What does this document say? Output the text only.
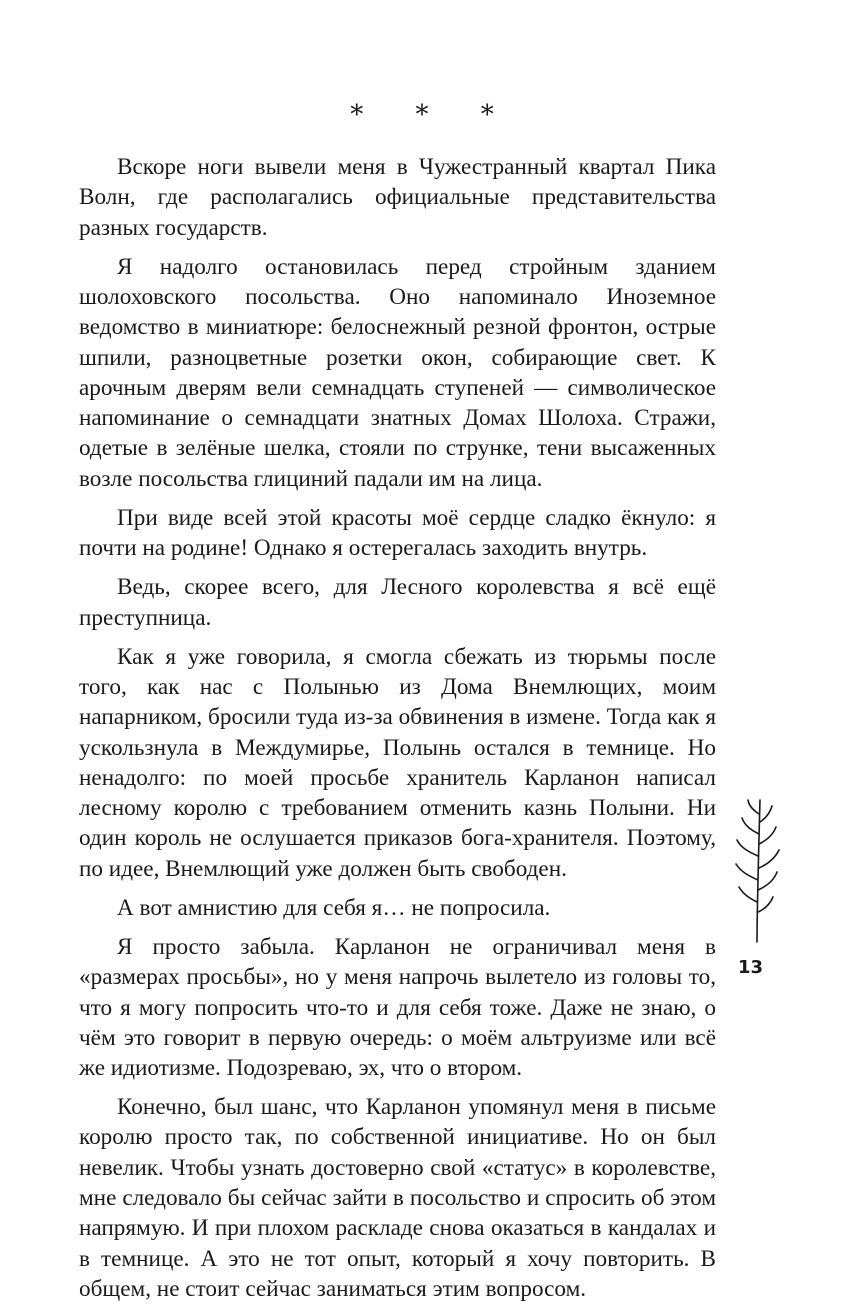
* * *

Вскоре ноги вывели меня в Чужестранный квартал Пика Волн, где располагались официальные представительства разных государств.

Я надолго остановилась перед стройным зданием шолоховского посольства. Оно напоминало Иноземное ведомство в миниатюре: белоснежный резной фронтон, острые шпили, разноцветные розетки окон, собирающие свет. К арочным дверям вели семнадцать ступеней — символическое напоминание о семнадцати знатных Домах Шолоха. Стражи, одетые в зелёные шелка, стояли по струнке, тени высаженных возле посольства глициний падали им на лица.

При виде всей этой красоты моё сердце сладко ёкнуло: я почти на родине! Однако я остерегалась заходить внутрь.

Ведь, скорее всего, для Лесного королевства я всё ещё преступница.

Как я уже говорила, я смогла сбежать из тюрьмы после того, как нас с Полынью из Дома Внемлющих, моим напарником, бросили туда из-за обвинения в измене. Тогда как я ускользнула в Междумирье, Полынь остался в темнице. Но ненадолго: по моей просьбе хранитель Карланон написал лесному королю с требованием отменить казнь Полыни. Ни один король не ослушается приказов бога-хранителя. Поэтому, по идее, Внемлющий уже должен быть свободен.

А вот амнистию для себя я… не попросила.

Я просто забыла. Карланон не ограничивал меня в «размерах просьбы», но у меня напрочь вылетело из головы то, что я могу попросить что-то и для себя тоже. Даже не знаю, о чём это говорит в первую очередь: о моём альтруизме или всё же идиотизме. Подозреваю, эх, что о втором.

Конечно, был шанс, что Карланон упомянул меня в письме королю просто так, по собственной инициативе. Но он был невелик. Чтобы узнать достоверно свой «статус» в королевстве, мне следовало бы сейчас зайти в посольство и спросить об этом напрямую. И при плохом раскладе снова оказаться в кандалах и в темнице. А это не тот опыт, который я хочу повторить. В общем, не стоит сейчас заниматься этим вопросом.

13
